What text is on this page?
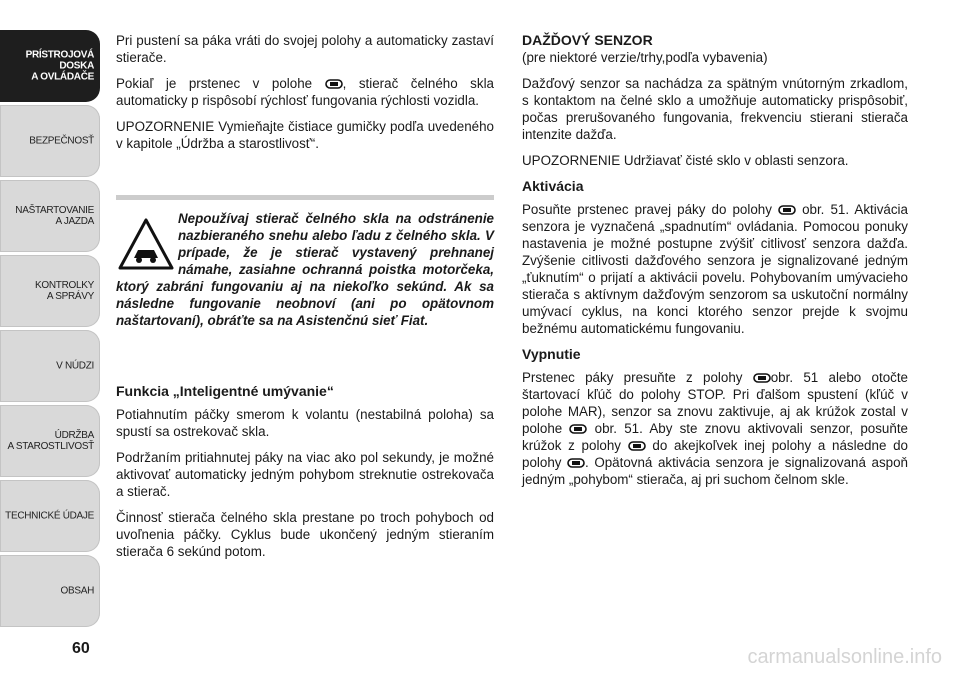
PRÍSTROJOVÁ
DOSKA
A OVLÁDAČE
BEZPEČNOSŤ
NAŠTARTOVANIE
A JAZDA
KONTROLKY
A SPRÁVY
V NÚDZI
ÚDRŽBA
A STAROSTLIVOSŤ
TECHNICKÉ ÚDAJE
OBSAH
60

Pri pustení sa páka vráti do svojej polohy a automaticky zastaví stierače.

Pokiaľ je prstenec v polohe , stierač čelného skla automaticky p rispôsobí rýchlosť fungovania rýchlosti vozidla.

UPOZORNENIE Vymieňajte čistiace gumičky podľa uvedeného v kapitole „Údržba a starostlivosť“.

Nepoužívaj stierač čelného skla na odstránenie nazbieraného snehu alebo ľadu z čelného skla. V prípade, že je stierač vystavený prehnanej námahe, zasiahne ochranná poistka motorčeka, ktorý zabráni fungovaniu aj na niekoľko sekúnd. Ak sa následne fungovanie neobnoví (ani po opätovnom naštartovaní), obráťte sa na Asistenčnú sieť Fiat.
Funkcia „Inteligentné umývanie“

Potiahnutím páčky smerom k volantu (nestabilná poloha) sa spustí sa ostrekovač skla.

Podržaním pritiahnutej páky na viac ako pol sekundy, je možné aktivovať automaticky jedným pohybom streknutie ostrekovača a stierač.

Činnosť stierača čelného skla prestane po troch pohyboch od uvoľnenia páčky. Cyklus bude ukončený jedným stieraním stierača 6 sekúnd potom.

DAŽĎOVÝ SENZOR

(pre niektoré verzie/trhy,podľa vybavenia)

Dažďový senzor sa nachádza za spätným vnútorným zrkadlom, s kontaktom na čelné sklo a umožňuje automaticky prispôsobiť, počas prerušovaného fungovania, frekvenciu stierani stierača intenzite dažďa.

UPOZORNENIE Udržiavať čisté sklo v oblasti senzora.

Aktivácia

Posuňte prstenec pravej páky do polohy  obr. 51. Aktivácia senzora je vyznačená „spadnutím“ ovládania. Pomocou ponuky nastavenia je možné postupne zvýšiť citlivosť senzora dažďa. Zvýšenie citlivosti dažďového senzora je signalizované jedným „ťuknutím“ o prijatí a aktivácii povelu. Pohybovaním umývacieho stierača s aktívnym dažďovým senzorom sa uskutoční normálny umývací cyklus, na konci ktorého senzor prejde k svojmu bežnému automatickému fungovaniu.

Vypnutie

Prstenec páky presuňte z polohy obr. 51 alebo otočte štartovací kľúč do polohy STOP. Pri ďalšom spustení (kľúč v polohe MAR), senzor sa znovu zaktivuje, aj ak krúžok zostal v polohe  obr. 51. Aby ste znovu aktivovali senzor, posuňte krúžok z polohy  do akejkoľvek inej polohy a následne do polohy . Opätovná aktivácia senzora je signalizovaná aspoň jedným „pohybom“ stierača, aj pri suchom čelnom skle.

carmanualsonline.info
